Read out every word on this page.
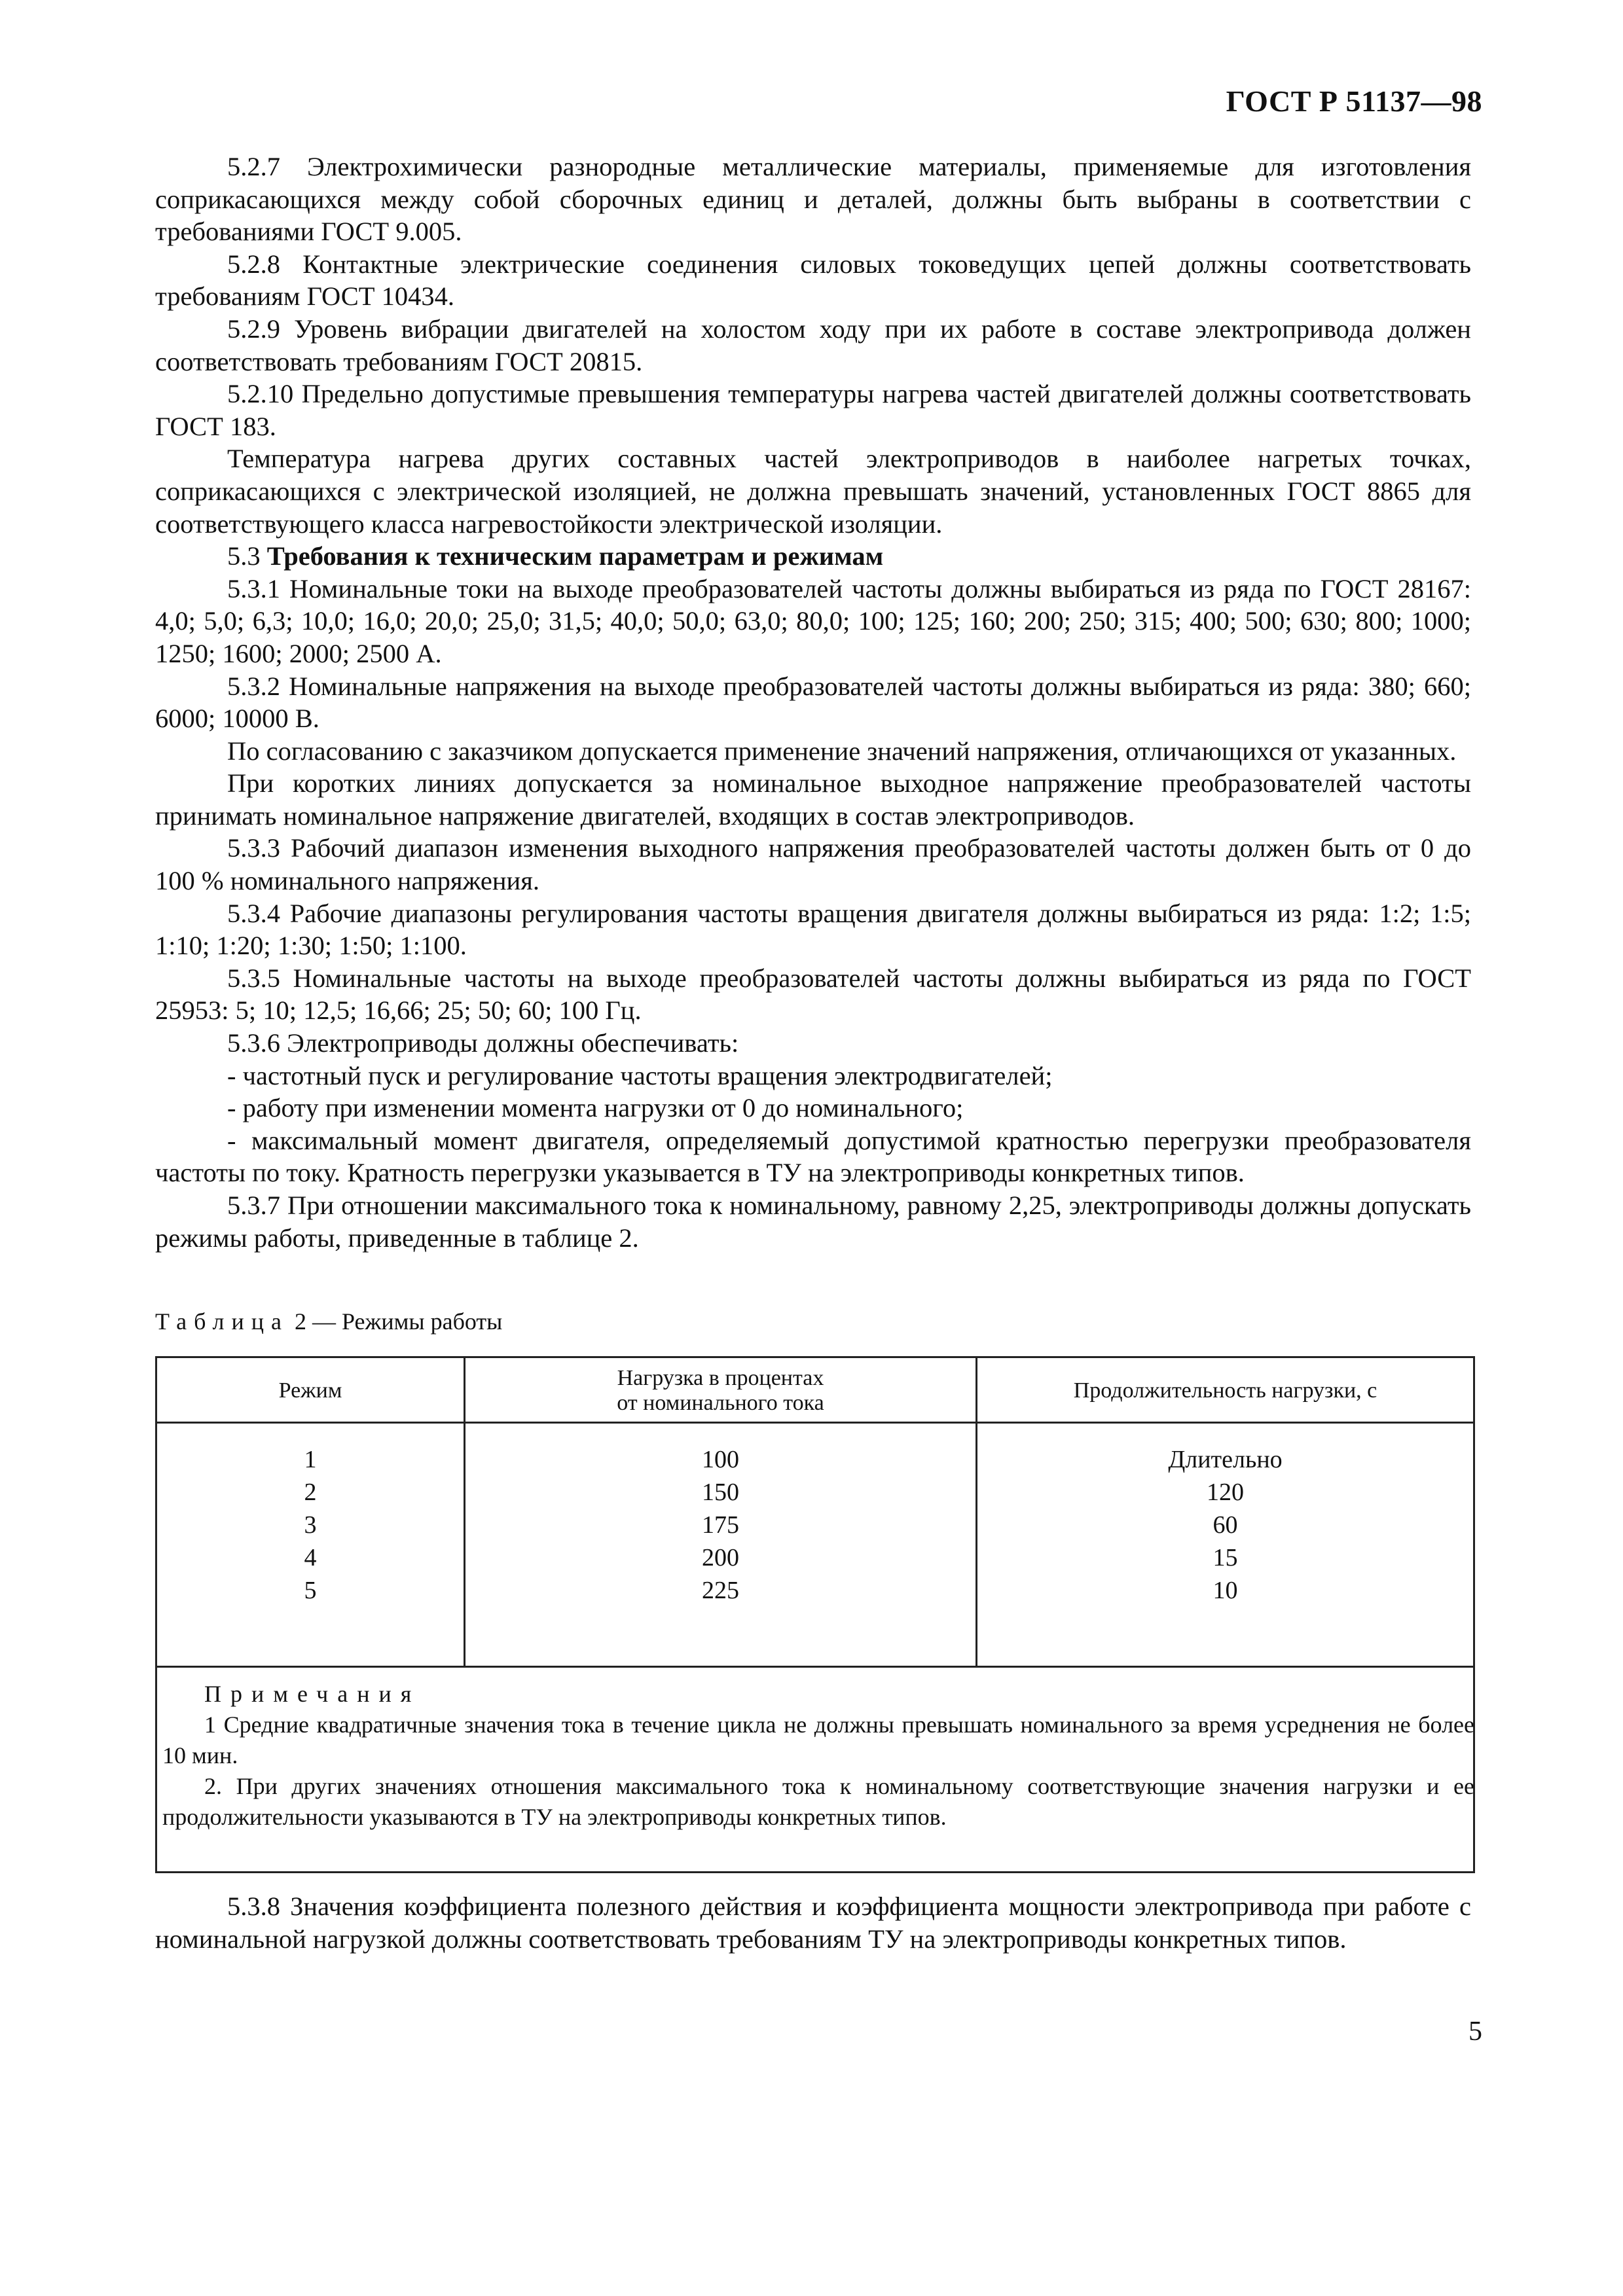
ГОСТ Р 51137—98

5.2.7 Электрохимически разнородные металлические материалы, применяемые для изготовления соприкасающихся между собой сборочных единиц и деталей, должны быть выбраны в соответствии с требованиями ГОСТ 9.005.

5.2.8 Контактные электрические соединения силовых токоведущих цепей должны соответствовать требованиям ГОСТ 10434.

5.2.9 Уровень вибрации двигателей на холостом ходу при их работе в составе электропривода должен соответствовать требованиям ГОСТ 20815.

5.2.10 Предельно допустимые превышения температуры нагрева частей двигателей должны соответствовать ГОСТ 183.

Температура нагрева других составных частей электроприводов в наиболее нагретых точках, соприкасающихся с электрической изоляцией, не должна превышать значений, установленных ГОСТ 8865 для соответствующего класса нагревостойкости электрической изоляции.

5.3 Требования к техническим параметрам и режимам

5.3.1 Номинальные токи на выходе преобразователей частоты должны выбираться из ряда по ГОСТ 28167: 4,0; 5,0; 6,3; 10,0; 16,0; 20,0; 25,0; 31,5; 40,0; 50,0; 63,0; 80,0; 100; 125; 160; 200; 250; 315; 400; 500; 630; 800; 1000; 1250; 1600; 2000; 2500 А.

5.3.2 Номинальные напряжения на выходе преобразователей частоты должны выбираться из ряда: 380; 660; 6000; 10000 В.

По согласованию с заказчиком допускается применение значений напряжения, отличающихся от указанных.

При коротких линиях допускается за номинальное выходное напряжение преобразователей частоты принимать номинальное напряжение двигателей, входящих в состав электроприводов.

5.3.3 Рабочий диапазон изменения выходного напряжения преобразователей частоты должен быть от 0 до 100 % номинального напряжения.

5.3.4 Рабочие диапазоны регулирования частоты вращения двигателя должны выбираться из ряда: 1:2; 1:5; 1:10; 1:20; 1:30; 1:50; 1:100.

5.3.5 Номинальные частоты на выходе преобразователей частоты должны выбираться из ряда по ГОСТ 25953: 5; 10; 12,5; 16,66; 25; 50; 60; 100 Гц.

5.3.6 Электроприводы должны обеспечивать:

- частотный пуск и регулирование частоты вращения электродвигателей;

- работу при изменении момента нагрузки от 0 до номинального;

- максимальный момент двигателя, определяемый допустимой кратностью перегрузки преобразователя частоты по току. Кратность перегрузки указывается в ТУ на электроприводы конкретных типов.

5.3.7 При отношении максимального тока к номинальному, равному 2,25, электроприводы должны допускать режимы работы, приведенные в таблице 2.

Таблица 2 — Режимы работы
Режим
Нагрузка в процентах
от номинального тока
Продолжительность нагрузки, с
1
2
3
4
5
100
150
175
200
225
Длительно
120
60
15
10
Примечания

1 Средние квадратичные значения тока в течение цикла не должны превышать номинального за время усреднения не более 10 мин.

2. При других значениях отношения максимального тока к номинальному соответствующие значения нагрузки и ее продолжительности указываются в ТУ на электроприводы конкретных типов.

5.3.8 Значения коэффициента полезного действия и коэффициента мощности электропривода при работе с номинальной нагрузкой должны соответствовать требованиям ТУ на электроприводы конкретных типов.

5
